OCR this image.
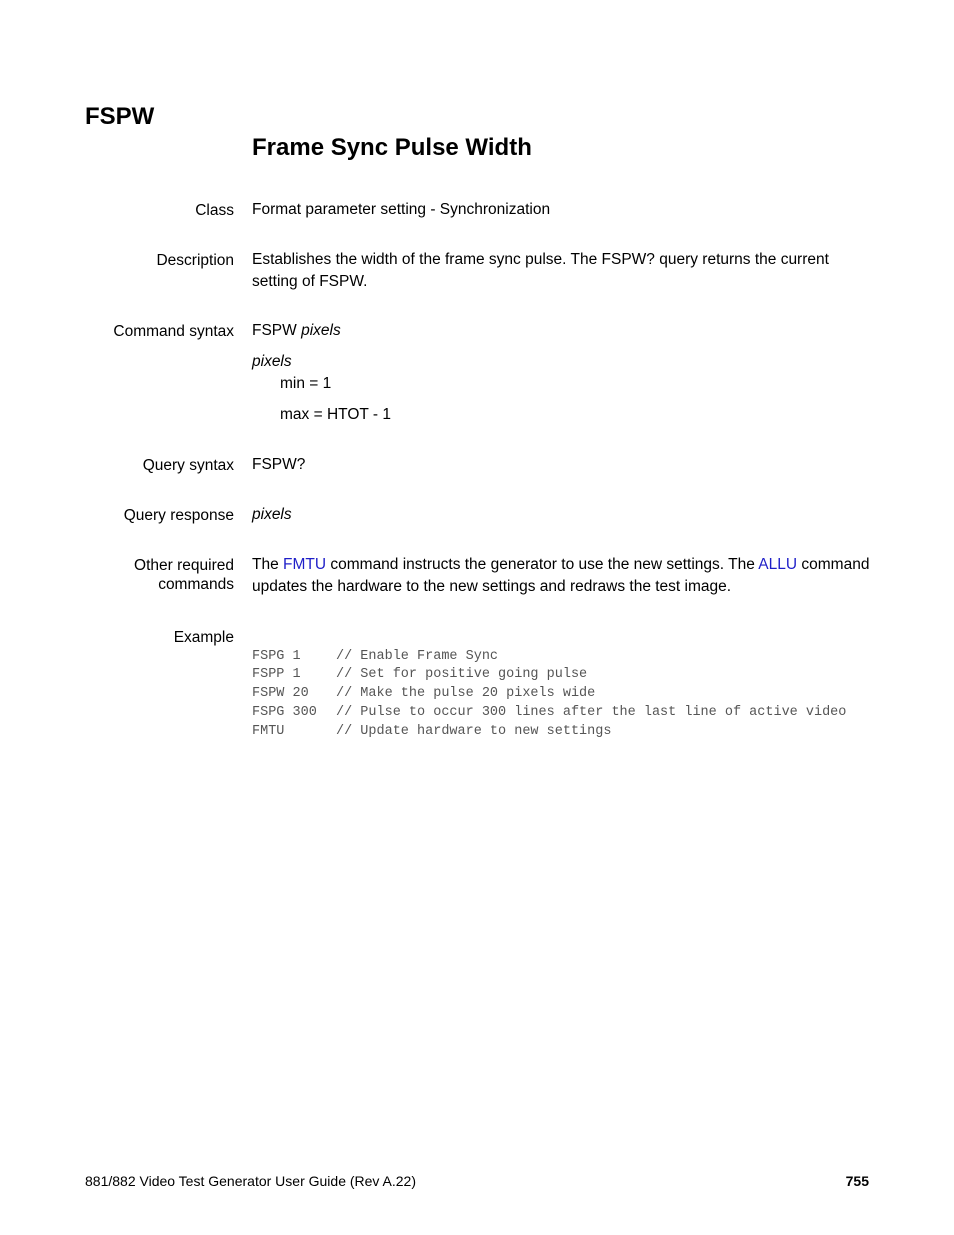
FSPW
Frame Sync Pulse Width
Class Format parameter setting - Synchronization
Description Establishes the width of the frame sync pulse. The FSPW? query returns the current setting of FSPW.
Command syntax FSPW pixels
pixels
min = 1
max = HTOT - 1
Query syntax FSPW?
Query response pixels
Other required
commands
The FMTU command instructs the generator to use the new settings. The ALLU command updates the hardware to the new settings and redraws the test image.
Example

FSPG 1	// Enable Frame Sync
FSPP 1	// Set for positive going pulse
FSPW 20 // Make the pulse 20 pixels wide
FSPG 300 // Pulse to occur 300 lines after the last line of active video
FMTU	// Update hardware to new settings

881/882 Video Test Generator User Guide (Rev A.22)	755
